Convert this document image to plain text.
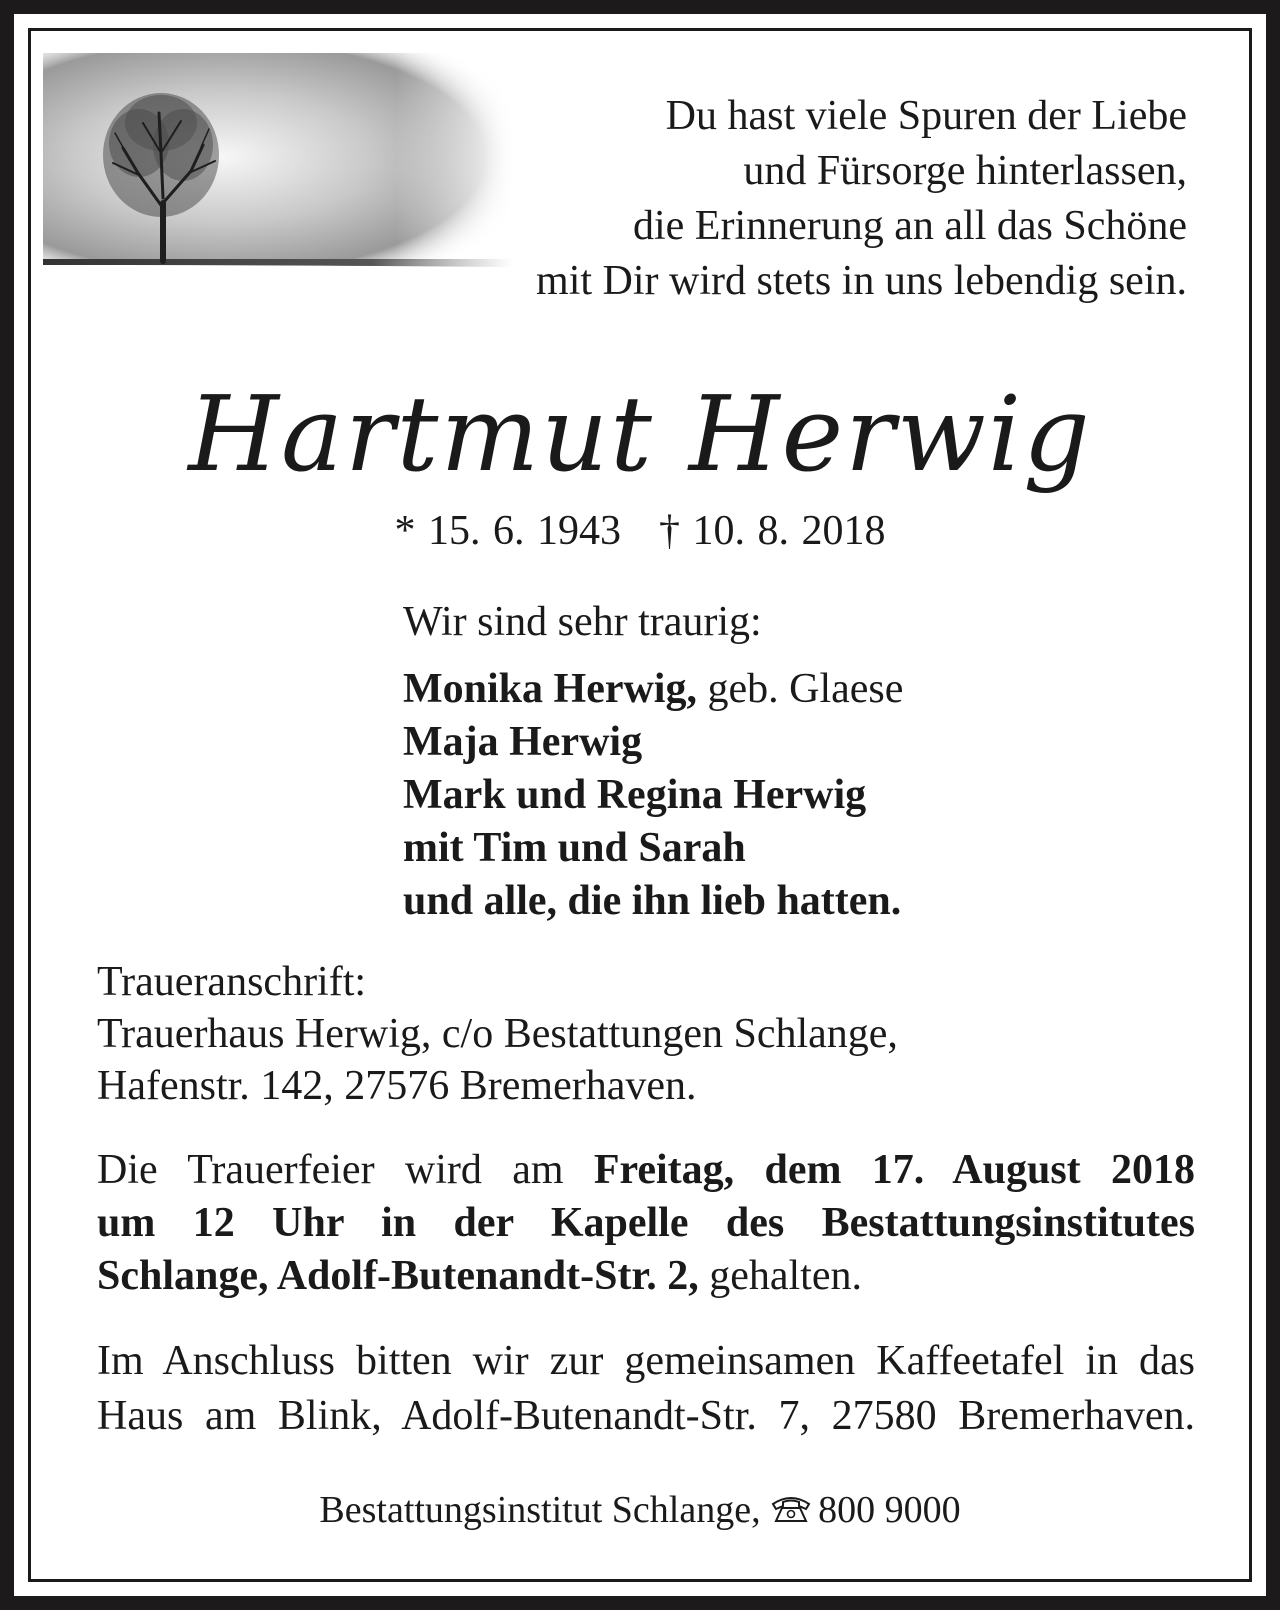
Du hast viele Spuren der Liebe
und Fürsorge hinterlassen,
die Erinnerung an all das Schöne
mit Dir wird stets in uns lebendig sein.
Hartmut Herwig
* 15. 6. 1943 † 10. 8. 2018
Wir sind sehr traurig:
Monika Herwig, geb. Glaese
Maja Herwig
Mark und Regina Herwig
mit Tim und Sarah
und alle, die ihn lieb hatten.
Traueranschrift:
Trauerhaus Herwig, c/o Bestattungen Schlange,
Hafenstr. 142, 27576 Bremerhaven.
Die Trauerfeier wird am Freitag, dem 17. August 2018
um 12 Uhr in der Kapelle des Bestattungsinstitutes
Schlange, Adolf-Butenandt-Str. 2, gehalten.
Im Anschluss bitten wir zur gemeinsamen Kaffeetafel in das
Haus am Blink, Adolf-Butenandt-Str. 7, 27580 Bremerhaven.
Bestattungsinstitut Schlange, 800 9000
